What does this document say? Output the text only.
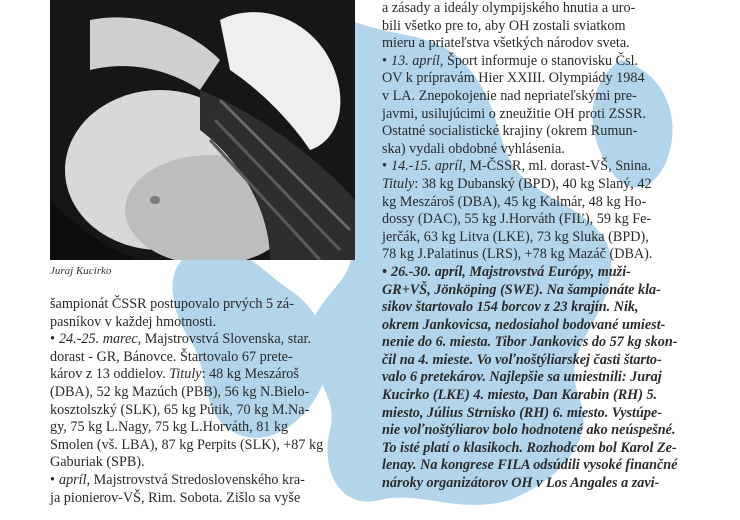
Juraj Kucirko

šampionát ČSSR postupovalo prvých 5 zá-
pasníkov v každej hmotnosti.

• 24.-25. marec, Majstrovstvá Slovenska, star.
dorast - GR, Bánovce. Štartovalo 67 prete-
károv z 13 oddielov. Tituly: 48 kg Meszároš
(DBA), 52 kg Mazúch (PBB), 56 kg N.Bielo-
kosztolszký (SLK), 65 kg Pútik, 70 kg M.Na-
gy, 75 kg L.Nagy, 75 kg L.Horváth, 81 kg
Smolen (vš. LBA), 87 kg Perpits (SLK), +87 kg
Gaburiak (SPB).

• apríl, Majstrovstvá Stredoslovenského kra-
ja pionierov-VŠ, Rim. Sobota. Zišlo sa vyše

a zásady a ideály olympijského hnutia a uro-
bili všetko pre to, aby OH zostali sviatkom
mieru a priateľstva všetkých národov sveta.

• 13. apríl, Šport informuje o stanovisku Čsl.
OV k prípravám Hier XXIII. Olympiády 1984
v LA. Znepokojenie nad nepriateľskými pre-
javmi, usilujúcimi o zneužitie OH proti ZSSR.
Ostatné socialistické krajiny (okrem Rumun-
ska) vydali obdobné vyhlásenia.

• 14.-15. apríl, M-ČSSR, ml. dorast-VŠ, Snina.
Tituly: 38 kg Dubanský (BPD), 40 kg Slaný, 42
kg Meszároš (DBA), 45 kg Kalmár, 48 kg Ho-
dossy (DAC), 55 kg J.Horváth (FIĽ), 59 kg Fe-
jerčák, 63 kg Litva (LKE), 73 kg Sluka (BPD),
78 kg J.Palatinus (LRS), +78 kg Mazáč (DBA).

• 26.-30. apríl, Majstrovstvá Európy, muži-
GR+VŠ, Jönköping (SWE). Na šampionáte kla-
sikov štartovalo 154 borcov z 23 krajín. Nik,
okrem Jankovicsa, nedosiahol bodované umiest-
nenie do 6. miesta. Tibor Jankovics do 57 kg skon-
čil na 4. mieste. Vo voľnoštýliarskej časti štarto-
valo 6 pretekárov. Najlepšie sa umiestnili: Juraj
Kucirko (LKE) 4. miesto, Dan Karabin (RH) 5.
miesto, Július Strnisko (RH) 6. miesto. Vystúpe-
nie voľnoštýliarov bolo hodnotené ako neúspešné.
To isté platí o klasikoch. Rozhodcom bol Karol Ze-
lenay. Na kongrese FILA odsúdili vysoké finančné
nároky organizátorov OH v Los Angales a zavi-
